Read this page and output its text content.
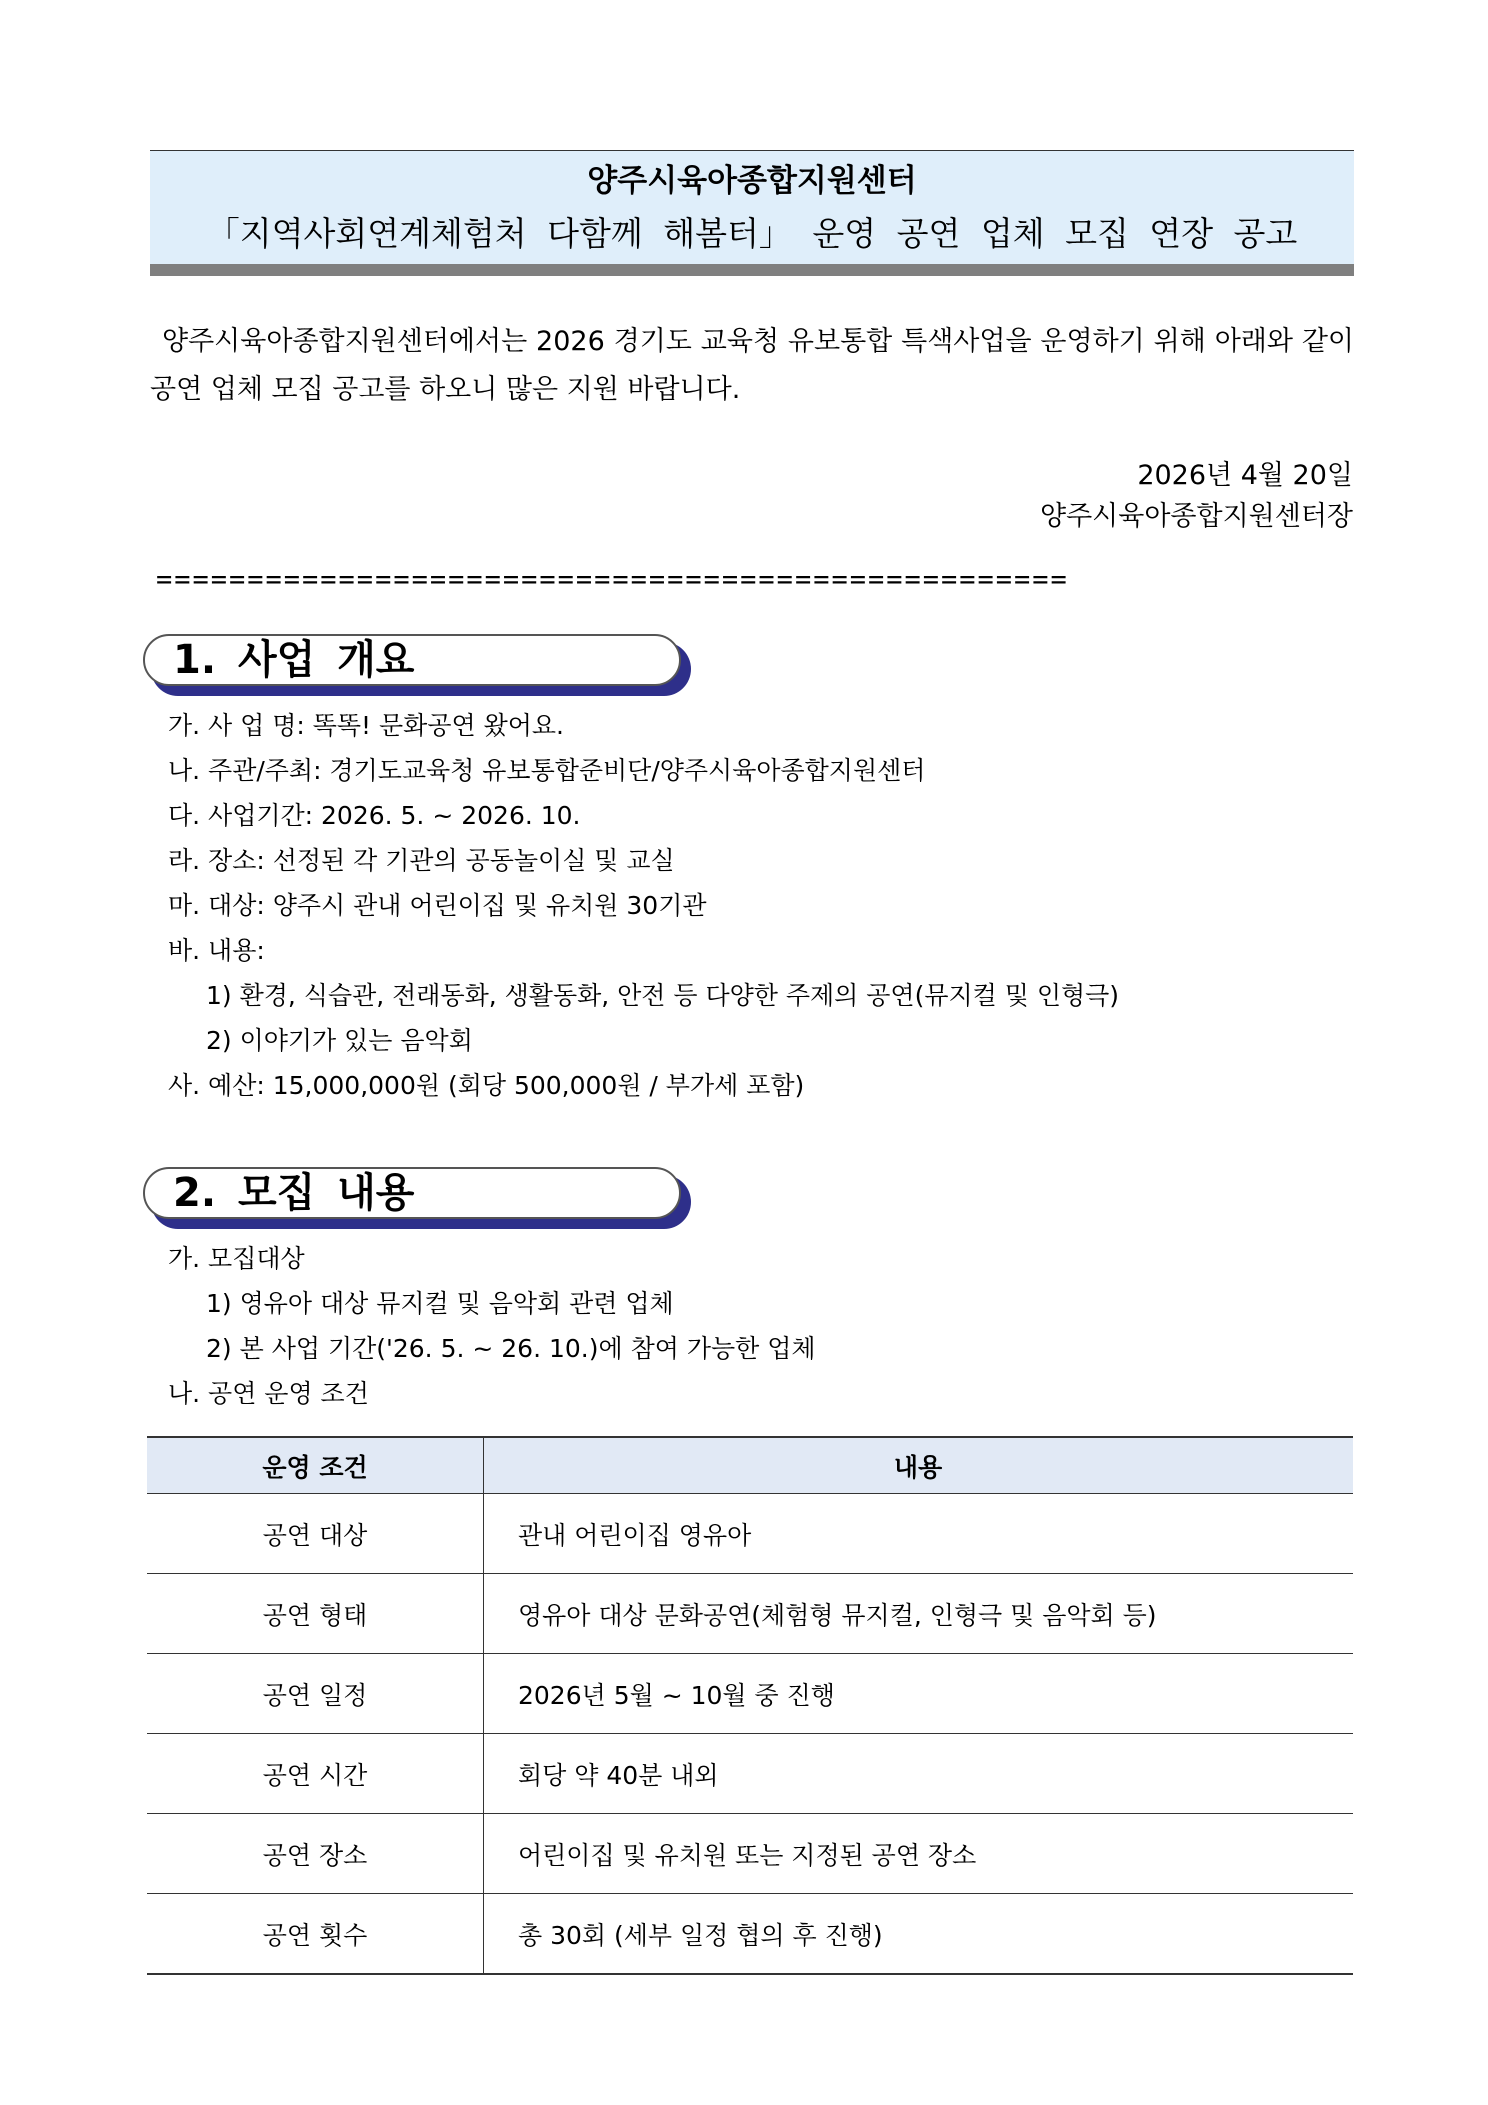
양주시육아종합지원센터
「지역사회연계체험처 다함께 해봄터」 운영 공연 업체 모집 연장 공고
양주시육아종합지원센터에서는 2026 경기도 교육청 유보통합 특색사업을 운영하기 위해 아래와 같이 공연 업체 모집 공고를 하오니 많은 지원 바랍니다.
2026년 4월 20일
양주시육아종합지원센터장
==================================================
1. 사업 개요
가. 사 업 명: 똑똑! 문화공연 왔어요.
나. 주관/주최: 경기도교육청 유보통합준비단/양주시육아종합지원센터
다. 사업기간: 2026. 5. ~ 2026. 10.
라. 장소: 선정된 각 기관의 공동놀이실 및 교실
마. 대상: 양주시 관내 어린이집 및 유치원 30기관
바. 내용:
1) 환경, 식습관, 전래동화, 생활동화, 안전 등 다양한 주제의 공연(뮤지컬 및 인형극)
2) 이야기가 있는 음악회
사. 예산: 15,000,000원 (회당 500,000원 / 부가세 포함)
2. 모집 내용
가. 모집대상
1) 영유아 대상 뮤지컬 및 음악회 관련 업체
2) 본 사업 기간('26. 5. ~ 26. 10.)에 참여 가능한 업체
나. 공연 운영 조건
운영 조건	내용
공연 대상	관내 어린이집 영유아
공연 형태	영유아 대상 문화공연(체험형 뮤지컬, 인형극 및 음악회 등)
공연 일정	2026년 5월 ~ 10월 중 진행
공연 시간	회당 약 40분 내외
공연 장소	어린이집 및 유치원 또는 지정된 공연 장소
공연 횟수	총 30회 (세부 일정 협의 후 진행)
